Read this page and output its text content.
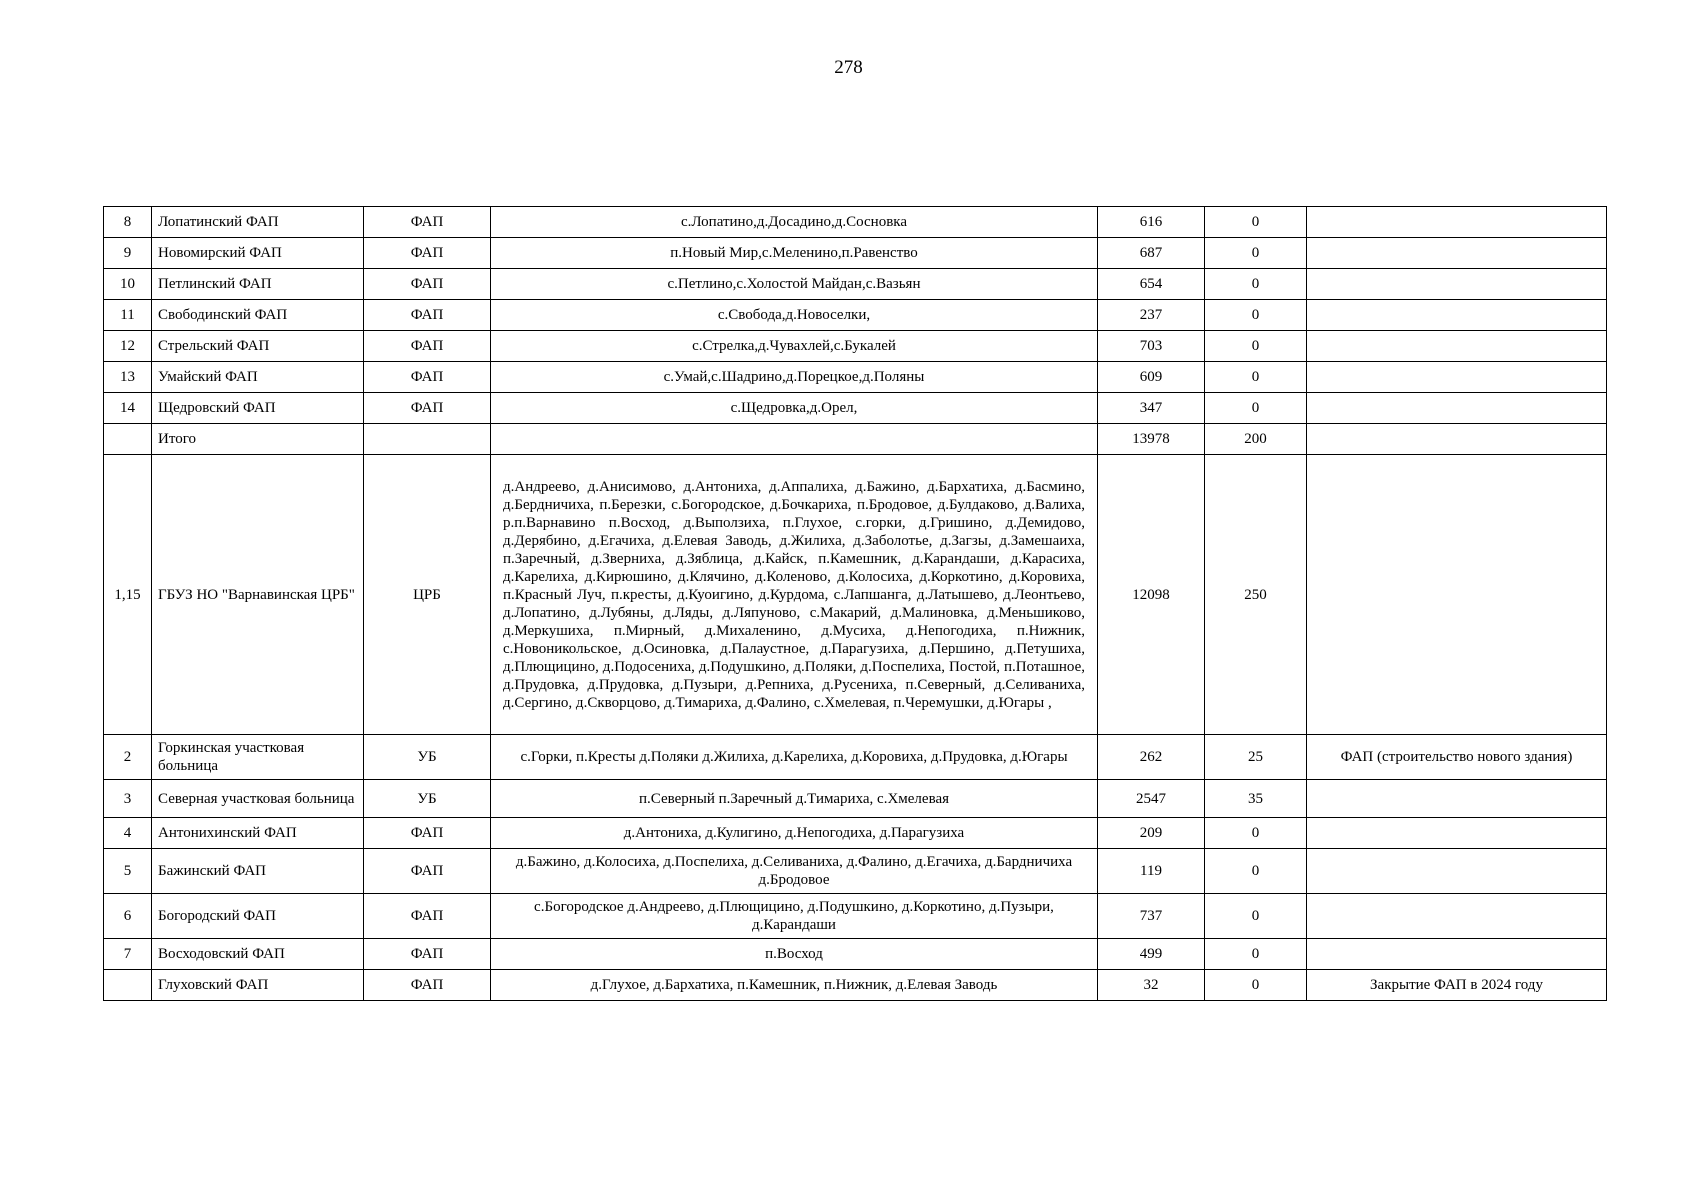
278
8	Лопатинский ФАП	ФАП	с.Лопатино,д.Досадино,д.Сосновка	616	0	
9	Новомирский ФАП	ФАП	п.Новый Мир,с.Меленино,п.Равенство	687	0	
10	Петлинский ФАП	ФАП	с.Петлино,с.Холостой Майдан,с.Вазьян	654	0	
11	Свободинский ФАП	ФАП	с.Свобода,д.Новоселки,	237	0	
12	Стрельский ФАП	ФАП	с.Стрелка,д.Чувахлей,с.Букалей	703	0	
13	Умайский ФАП	ФАП	с.Умай,с.Шадрино,д.Порецкое,д.Поляны	609	0	
14	Щедровский ФАП	ФАП	с.Щедровка,д.Орел,	347	0	
	Итого			13978	200	
1,15	ГБУЗ НО "Варнавинская ЦРБ"	ЦРБ	д.Андреево, д.Анисимово, д.Антониха, д.Аппалиха, д.Бажино, д.Бархатиха, д.Басмино, д.Бердничиха, п.Березки, с.Богородское, д.Бочкариха, п.Бродовое, д.Булдаково, д.Валиха, р.п.Варнавино п.Восход, д.Выползиха, п.Глухое, с.горки, д.Гришино, д.Демидово, д.Дерябино, д.Егачиха, д.Елевая Заводь, д.Жилиха, д.Заболотье, д.Загзы, д.Замешаиха, п.Заречный, д.Звернихa, д.Зяблица, д.Кайск, п.Камешник, д.Карандаши, д.Карасиха, д.Карелиха, д.Кирюшино, д.Клячино, д.Коленово, д.Колосиха, д.Коркотино, д.Коровиха, п.Красный Луч, п.кресты, д.Куоигино, д.Курдома, с.Лапшанга, д.Латышево, д.Леонтьево, д.Лопатино, д.Лубяны, д.Ляды, д.Ляпуново, с.Макарий, д.Малиновка, д.Меньшиково, д.Меркушиха, п.Мирный, д.Михаленино, д.Мусиха, д.Непогодиха, п.Нижник, с.Новоникольское, д.Осиновка, д.Палаустное, д.Парагузиха, д.Першино, д.Петушиха, д.Плющицино, д.Подосениха, д.Подушкино, д.Поляки, д.Поспелиха, Постой, п.Поташное, д.Прудовка, д.Прудовка, д.Пузыри, д.Репниха, д.Русениха, п.Северный, д.Селиваниха, д.Сергино, д.Скворцово, д.Тимариха, д.Фалино, с.Хмелевая, п.Черемушки, д.Югары ,	12098	250	
2	Горкинская участковая больница	УБ	с.Горки, п.Кресты д.Поляки д.Жилиха, д.Карелиха, д.Коровиха, д.Прудовка, д.Югары	262	25	ФАП (строительство нового здания)
3	Северная участковая больница	УБ	п.Северный п.Заречный д.Тимариха, с.Хмелевая	2547	35	
4	Антонихинский ФАП	ФАП	д.Антониха, д.Кулигино, д.Непогодиха, д.Парагузиха	209	0	
5	Бажинский ФАП	ФАП	д.Бажино, д.Колосиха, д.Поспелиха, д.Селиваниха, д.Фалино, д.Егачиха, д.Бардничиха д.Бродовое	119	0	
6	Богородский ФАП	ФАП	с.Богородское д.Андреево, д.Плющицино, д.Подушкино, д.Коркотино, д.Пузыри, д.Карандаши	737	0	
7	Восходовский ФАП	ФАП	п.Восход	499	0	
	Глуховский ФАП	ФАП	д.Глухое, д.Бархатиха, п.Камешник, п.Нижник, д.Елевая Заводь	32	0	Закрытие ФАП в 2024 году
